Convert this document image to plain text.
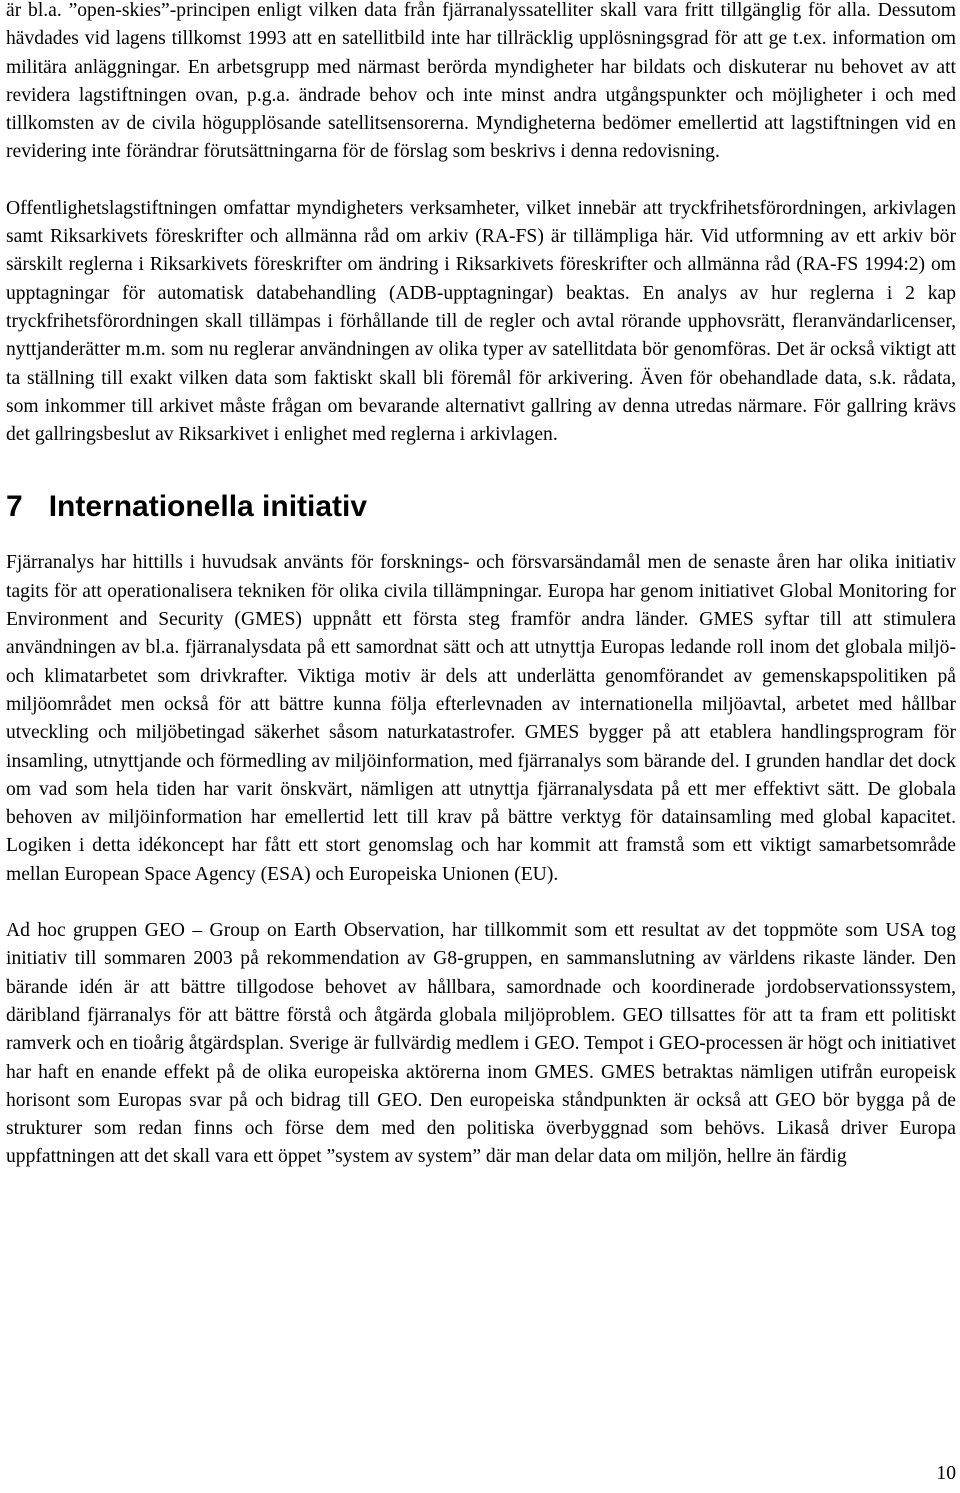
är bl.a. ”open-skies”-principen enligt vilken data från fjärranalyssatelliter skall vara fritt tillgänglig för alla. Dessutom hävdades vid lagens tillkomst 1993 att en satellitbild inte har tillräcklig upplösningsgrad för att ge t.ex. information om militära anläggningar. En arbetsgrupp med närmast berörda myndigheter har bildats och diskuterar nu behovet av att revidera lagstiftningen ovan, p.g.a. ändrade behov och inte minst andra utgångspunkter och möjligheter i och med tillkomsten av de civila högupplösande satellitsensorerna. Myndigheterna bedömer emellertid att lagstiftningen vid en revidering inte förändrar förutsättningarna för de förslag som beskrivs i denna redovisning.

Offentlighetslagstiftningen omfattar myndigheters verksamheter, vilket innebär att tryckfrihetsförordningen, arkivlagen samt Riksarkivets föreskrifter och allmänna råd om arkiv (RA-FS) är tillämpliga här. Vid utformning av ett arkiv bör särskilt reglerna i Riksarkivets föreskrifter om ändring i Riksarkivets föreskrifter och allmänna råd (RA-FS 1994:2) om upptagningar för automatisk databehandling (ADB-upptagningar) beaktas. En analys av hur reglerna i 2 kap tryckfrihetsförordningen skall tillämpas i förhållande till de regler och avtal rörande upphovsrätt, fleranvändarlicenser, nyttjanderätter m.m. som nu reglerar användningen av olika typer av satellitdata bör genomföras. Det är också viktigt att ta ställning till exakt vilken data som faktiskt skall bli föremål för arkivering. Även för obehandlade data, s.k. rådata, som inkommer till arkivet måste frågan om bevarande alternativt gallring av denna utredas närmare. För gallring krävs det gallringsbeslut av Riksarkivet i enlighet med reglerna i arkivlagen.

7 Internationella initiativ

Fjärranalys har hittills i huvudsak använts för forsknings- och försvarsändamål men de senaste åren har olika initiativ tagits för att operationalisera tekniken för olika civila tillämpningar. Europa har genom initiativet Global Monitoring for Environment and Security (GMES) uppnått ett första steg framför andra länder. GMES syftar till att stimulera användningen av bl.a. fjärranalysdata på ett samordnat sätt och att utnyttja Europas ledande roll inom det globala miljö- och klimatarbetet som drivkrafter. Viktiga motiv är dels att underlätta genomförandet av gemenskapspolitiken på miljöområdet men också för att bättre kunna följa efterlevnaden av internationella miljöavtal, arbetet med hållbar utveckling och miljöbetingad säkerhet såsom naturkatastrofer. GMES bygger på att etablera handlingsprogram för insamling, utnyttjande och förmedling av miljöinformation, med fjärranalys som bärande del. I grunden handlar det dock om vad som hela tiden har varit önskvärt, nämligen att utnyttja fjärranalysdata på ett mer effektivt sätt. De globala behoven av miljöinformation har emellertid lett till krav på bättre verktyg för datainsamling med global kapacitet. Logiken i detta idékoncept har fått ett stort genomslag och har kommit att framstå som ett viktigt samarbetsområde mellan European Space Agency (ESA) och Europeiska Unionen (EU).

Ad hoc gruppen GEO – Group on Earth Observation, har tillkommit som ett resultat av det toppmöte som USA tog initiativ till sommaren 2003 på rekommendation av G8-gruppen, en sammanslutning av världens rikaste länder. Den bärande idén är att bättre tillgodose behovet av hållbara, samordnade och koordinerade jordobservationssystem, däribland fjärranalys för att bättre förstå och åtgärda globala miljöproblem. GEO tillsattes för att ta fram ett politiskt ramverk och en tioårig åtgärdsplan. Sverige är fullvärdig medlem i GEO. Tempot i GEO-processen är högt och initiativet har haft en enande effekt på de olika europeiska aktörerna inom GMES. GMES betraktas nämligen utifrån europeisk horisont som Europas svar på och bidrag till GEO. Den europeiska ståndpunkten är också att GEO bör bygga på de strukturer som redan finns och förse dem med den politiska överbyggnad som behövs. Likaså driver Europa uppfattningen att det skall vara ett öppet ”system av system” där man delar data om miljön, hellre än färdig

10
